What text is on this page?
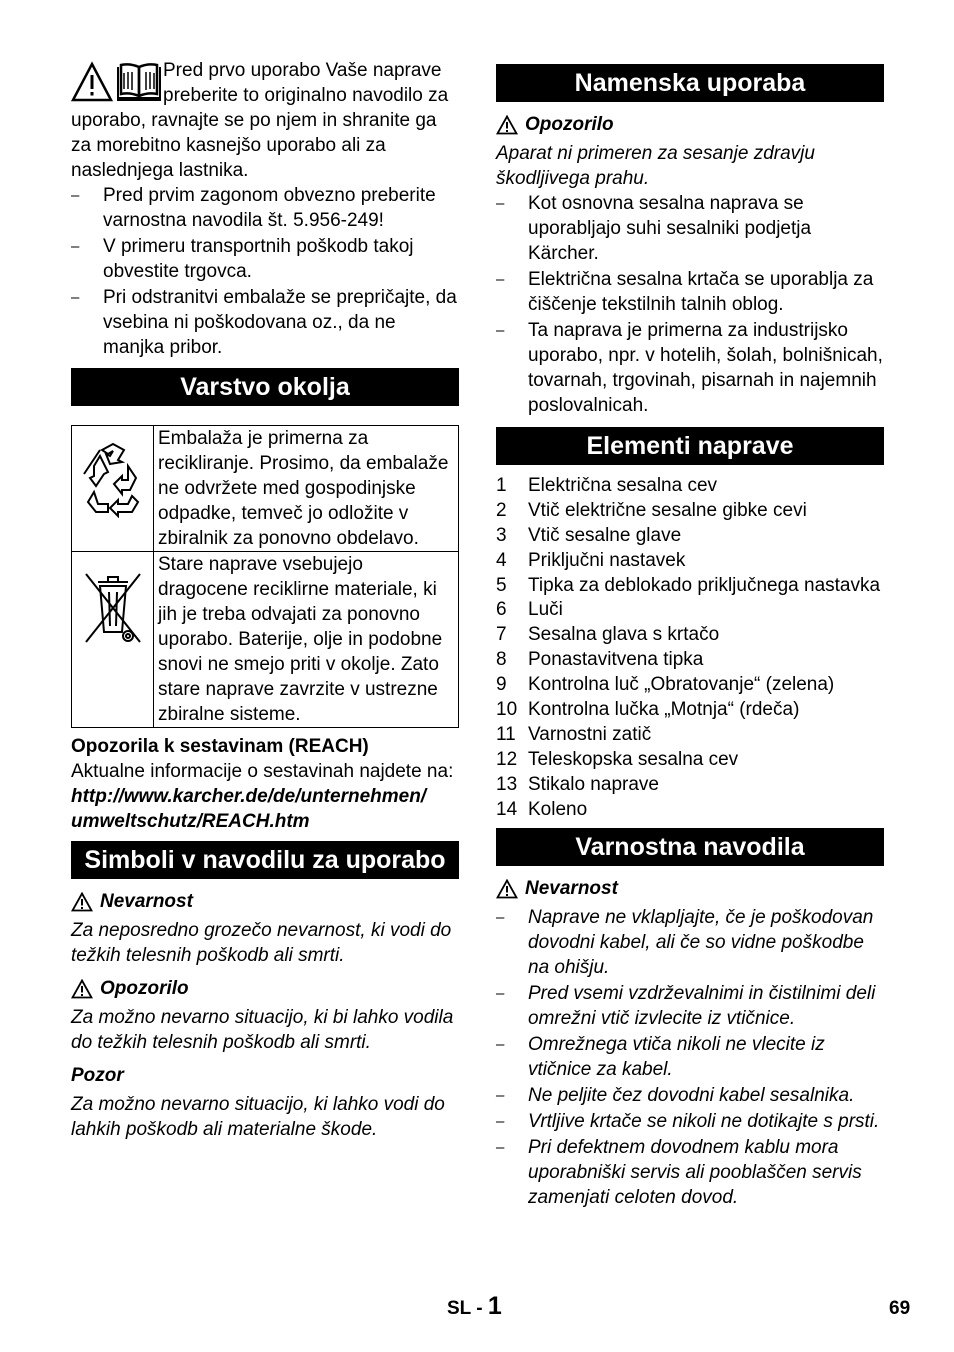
Pred prvo uporabo Vaše naprave preberite to originalno navodilo za uporabo, ravnajte se po njem in shranite ga za morebitno kasnejšo uporabo ali za naslednjega lastnika.

– Pred prvim zagonom obvezno preberite varnostna navodila št. 5.956-249!
– V primeru transportnih poškodb takoj obvestite trgovca.
– Pri odstranitvi embalaže se prepričajte, da vsebina ni poškodovana oz., da ne manjka pribor.
Varstvo okolja
	Embalaža je primerna za recikliranje. Prosimo, da embalaže ne odvržete med gospodinjske odpadke, temveč jo odložite v zbiralnik za ponovno obdelavo.
	Stare naprave vsebujejo dragocene reciklirne materiale, ki jih je treba odvajati za ponovno uporabo. Baterije, olje in podobne snovi ne smejo priti v okolje. Zato stare naprave zavrzite v ustrezne zbiralne sisteme.

Opozorila k sestavinam (REACH)

Aktualne informacije o sestavinah najdete na:

http://www.karcher.de/de/unternehmen/

umweltschutz/REACH.htm

Simboli v navodilu za uporabo
Nevarnost

Za neposredno grozečo nevarnost, ki vodi do težkih telesnih poškodb ali smrti.

Opozorilo

Za možno nevarno situacijo, ki bi lahko vodila do težkih telesnih poškodb ali smrti.

Pozor

Za možno nevarno situacijo, ki lahko vodi do lahkih poškodb ali materialne škode.

Namenska uporaba
Opozorilo

Aparat ni primeren za sesanje zdravju škodljivega prahu.

– Kot osnovna sesalna naprava se uporabljajo suhi sesalniki podjetja Kärcher.
– Električna sesalna krtača se uporablja za čiščenje tekstilnih talnih oblog.
– Ta naprava je primerna za industrijsko uporabo, npr. v hotelih, šolah, bolnišnicah, tovarnah, trgovinah, pisarnah in najemnih poslovalnicah.
Elementi naprave
1	Električna sesalna cev
2	Vtič električne sesalne gibke cevi
3	Vtič sesalne glave
4	Priključni nastavek
5	Tipka za deblokado priključnega nastavka
6	Luči
7	Sesalna glava s krtačo
8	Ponastavitvena tipka
9	Kontrolna luč „Obratovanje“ (zelena)
10 Kontrolna lučka „Motnja“ (rdeča)
11 Varnostni zatič
12 Teleskopska sesalna cev
13 Stikalo naprave
14 Koleno
Varnostna navodila
Nevarnost
– Naprave ne vklapljajte, če je poškodovan dovodni kabel, ali če so vidne poškodbe na ohišju.
– Pred vsemi vzdrževalnimi in čistilnimi deli omrežni vtič izvlecite iz vtičnice.
– Omrežnega vtiča nikoli ne vlecite iz vtičnice za kabel.
– Ne peljite čez dovodni kabel sesalnika.
– Vrtljive krtače se nikoli ne dotikajte s prsti.
– Pri defektnem dovodnem kablu mora uporabniški servis ali pooblaščen servis zamenjati celoten dovod.
SL - 1	69
